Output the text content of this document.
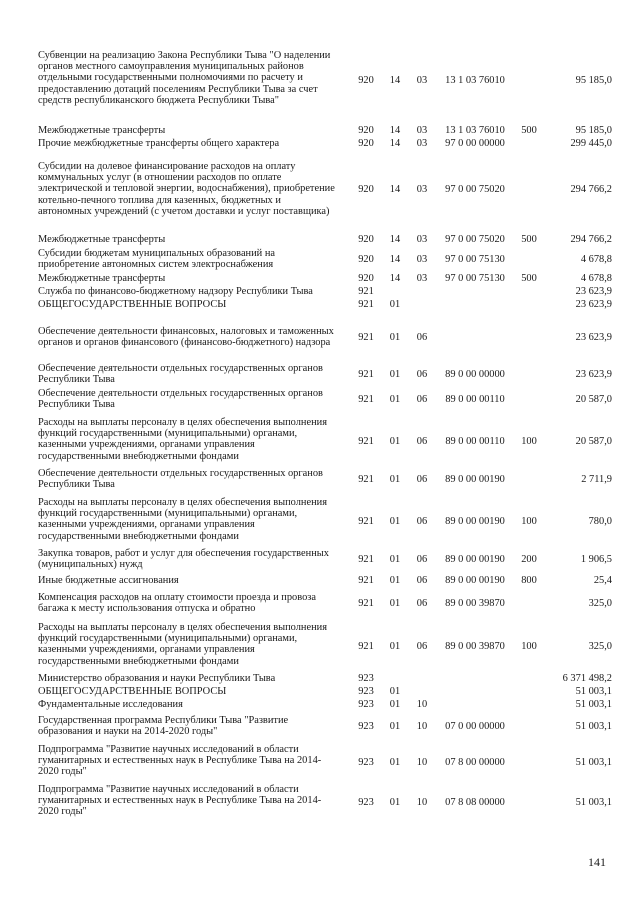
Субвенции на реализацию Закона Республики Тыва "О наделении
органов местного самоуправления муниципальных районов
отдельными государственными полномочиями по расчету и
предоставлению дотаций поселениям Республики Тыва за счет
средств республиканского бюджета Республики Тыва"
920	14 03	13 1 03 76010	95 185,0
Межбюджетные трансферты	920	14 03	13 1 03 76010	500	95 185,0
Прочие межбюджетные трансферты общего характера	920	14 03	97 0 00 00000	299 445,0
Субсидии на долевое финансирование расходов на оплату
коммунальных услуг (в отношении расходов по оплате
электрической и тепловой энергии, водоснабжения), приобретение
котельно-печного топлива для казенных, бюджетных и
автономных учреждений (с учетом доставки и услуг поставщика)
920	14 03	97 0 00 75020	294 766,2
Межбюджетные трансферты	920	14 03	97 0 00 75020	500	294 766,2
Субсидии бюджетам муниципальных образований на
приобретение автономных систем электроснабжения	920	14 03	97 0 00 75130	4 678,8
Межбюджетные трансферты	920	14 03	97 0 00 75130	500	4 678,8
Служба по финансово-бюджетному надзору Республики Тыва	921	23 623,9
ОБЩЕГОСУДАРСТВЕННЫЕ ВОПРОСЫ	921	01	23 623,9
Обеспечение деятельности финансовых, налоговых и таможенных
органов и органов финансового (финансово-бюджетного) надзора	921	01 06	23 623,9
Обеспечение деятельности отдельных государственных органов
Республики Тыва	921	01 06	89 0 00 00000	23 623,9
Обеспечение деятельности отдельных государственных органов
Республики Тыва	921	01 06	89 0 00 00110	20 587,0
Расходы на выплаты персоналу в целях обеспечения выполнения
функций государственными (муниципальными) органами,
казенными учреждениями, органами управления
государственными внебюджетными фондами
921	01 06	89 0 00 00110	100	20 587,0
Обеспечение деятельности отдельных государственных органов
Республики Тыва	921	01 06	89 0 00 00190	2 711,9
Расходы на выплаты персоналу в целях обеспечения выполнения
функций государственными (муниципальными) органами,
казенными учреждениями, органами управления
государственными внебюджетными фондами
921	01 06	89 0 00 00190	100	780,0
Закупка товаров, работ и услуг для обеспечения государственных
(муниципальных) нужд	921	01 06	89 0 00 00190	200	1 906,5
Иные бюджетные ассигнования	921	01 06	89 0 00 00190	800	25,4
Компенсация расходов на оплату стоимости проезда и провоза
багажа к месту использования отпуска и обратно	921	01 06	89 0 00 39870	325,0
Расходы на выплаты персоналу в целях обеспечения выполнения
функций государственными (муниципальными) органами,
казенными учреждениями, органами управления
государственными внебюджетными фондами
921	01 06	89 0 00 39870	100	325,0
Министерство образования и науки Республики Тыва	923	6 371 498,2
ОБЩЕГОСУДАРСТВЕННЫЕ ВОПРОСЫ	923	01	51 003,1
Фундаментальные исследования	923	01 10	51 003,1
Государственная программа Республики Тыва "Развитие
образования и науки на 2014-2020 годы"	923	01 10	07 0 00 00000	51 003,1
Подпрограмма "Развитие научных исследований в области
гуманитарных и естественных наук в Республике Тыва на 2014-
2020 годы"
923	01 10	07 8 00 00000	51 003,1
Подпрограмма "Развитие научных исследований в области
гуманитарных и естественных наук в Республике Тыва на 2014-
2020 годы"
923	01 10	07 8 08 00000	51 003,1
141
